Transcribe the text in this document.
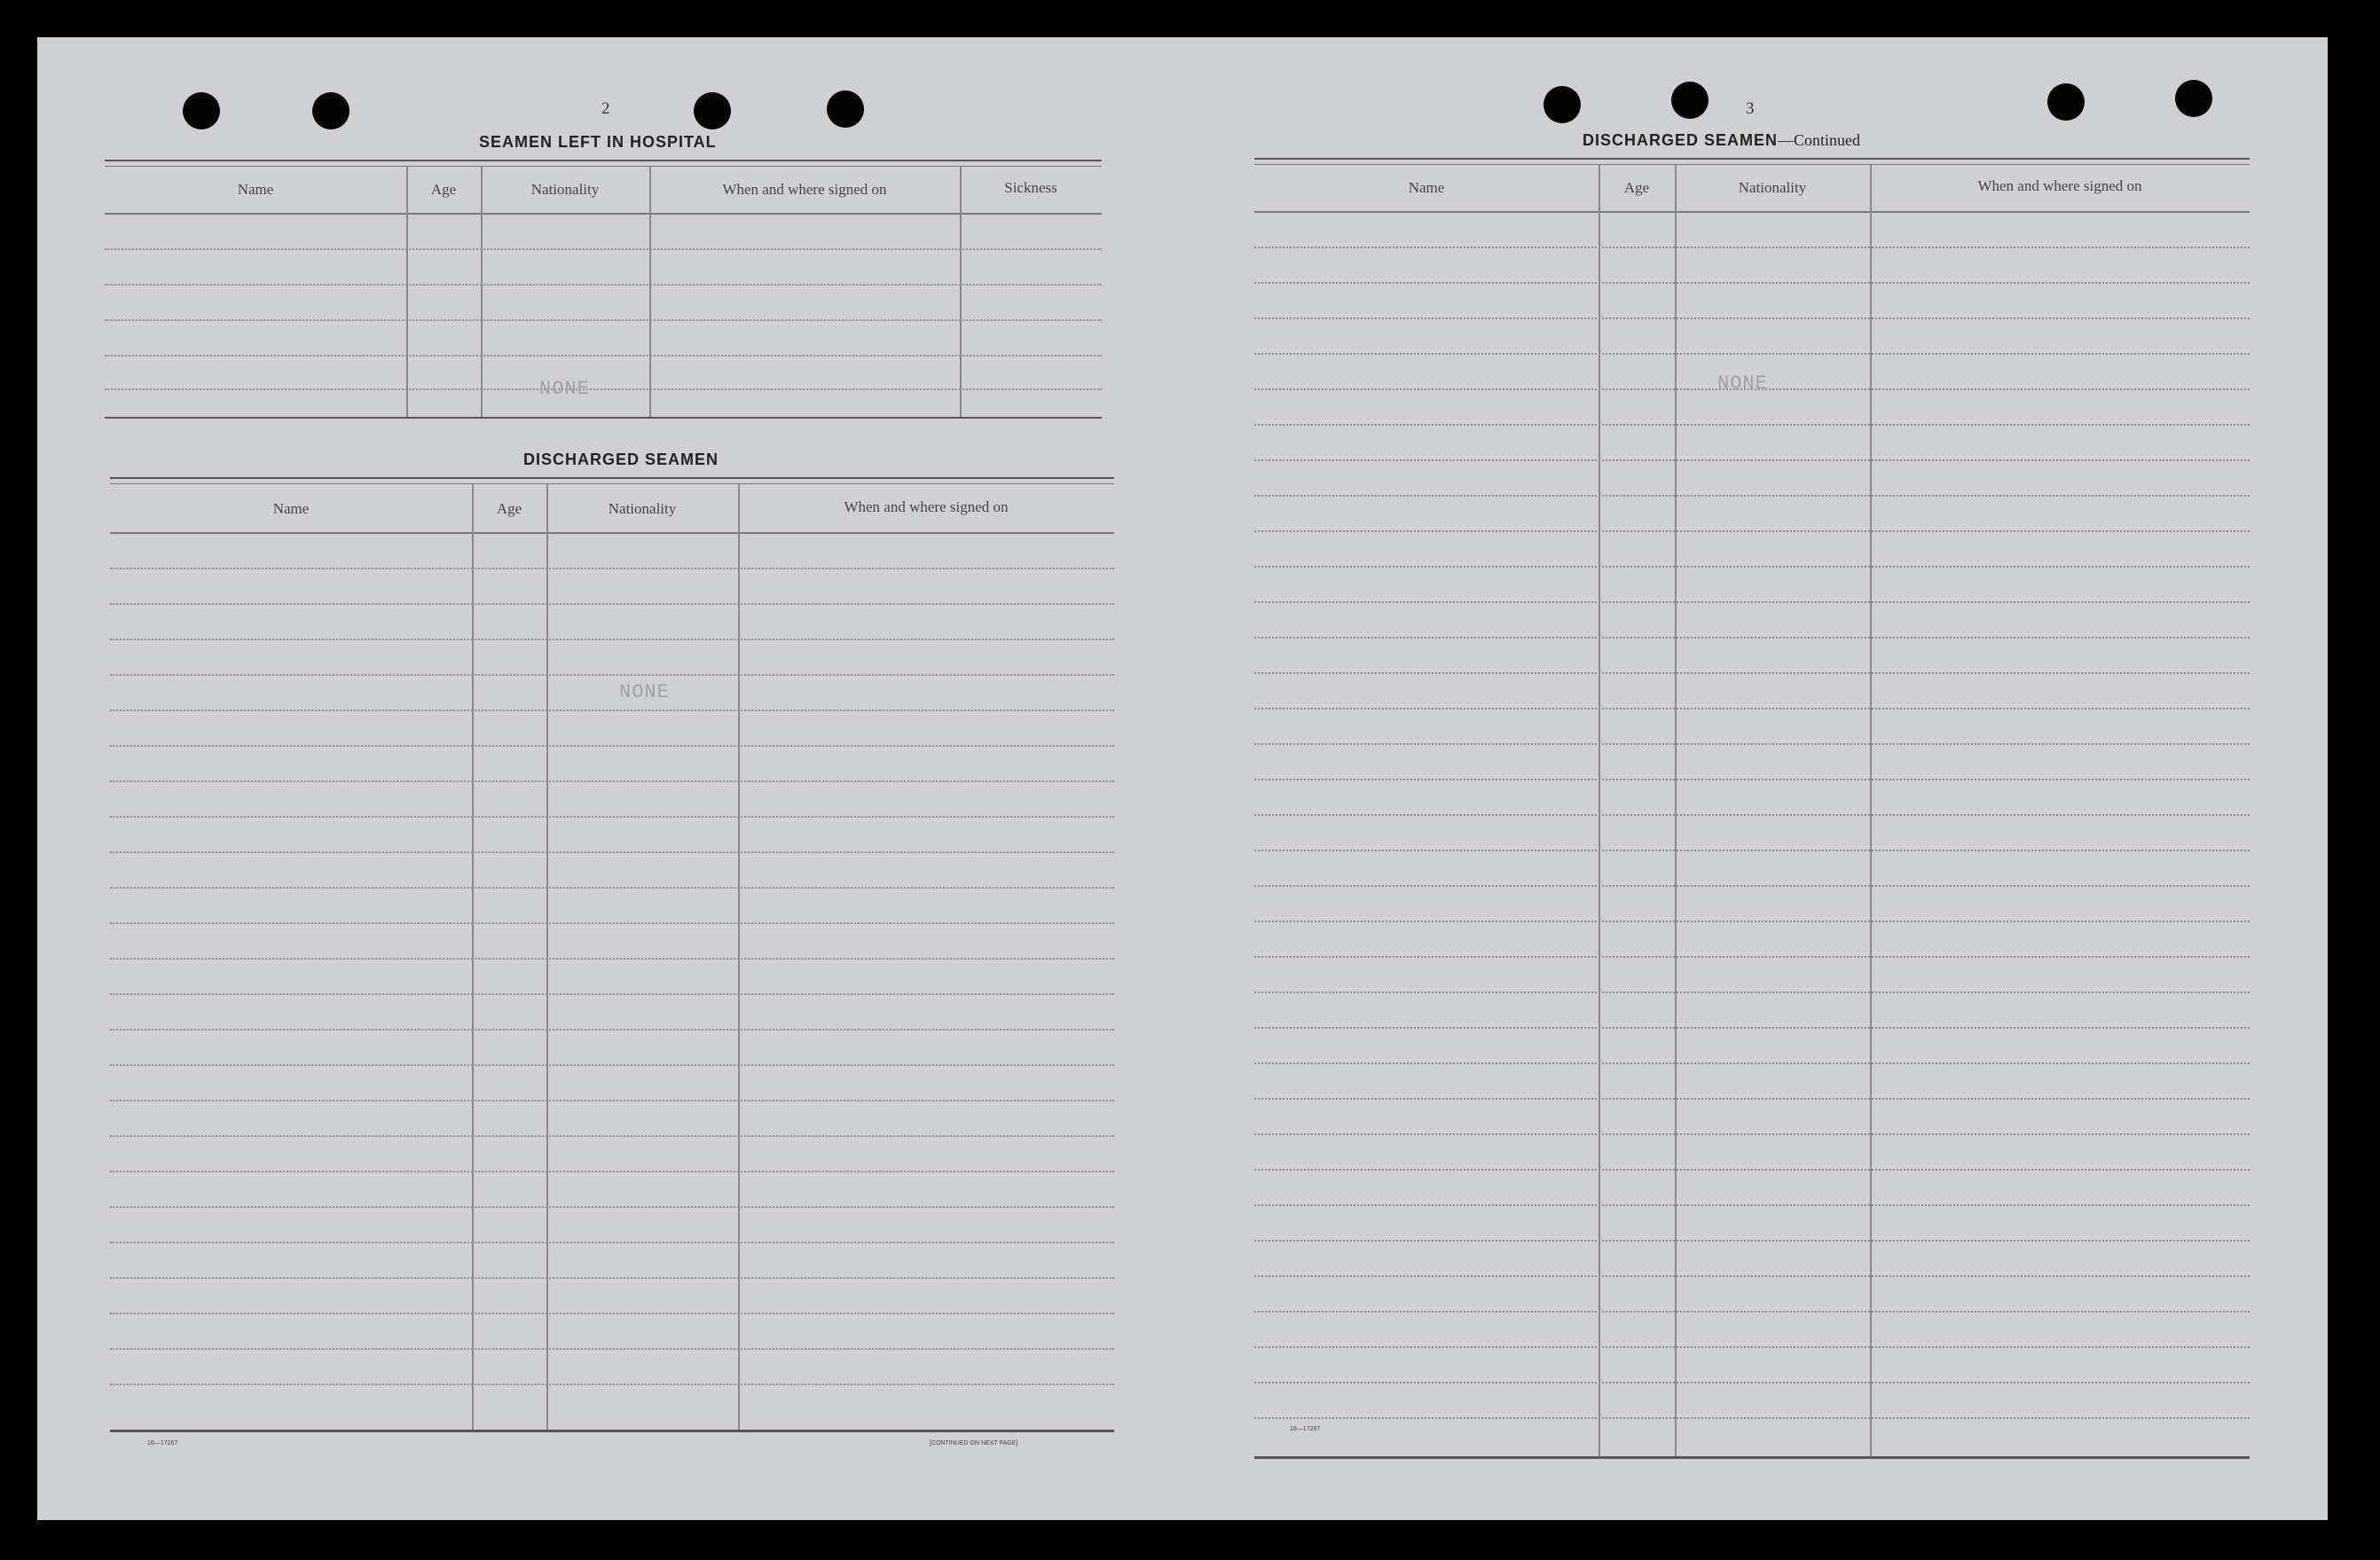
2
SEAMEN LEFT IN HOSPITAL
Name	Age	Nationality	When and where signed on	Sickness
NONE
DISCHARGED SEAMEN
Name	Age	Nationality	When and where signed on
NONE
16—17267	[CONTINUED ON NEXT PAGE]
3
DISCHARGED SEAMEN—Continued
Name	Age	Nationality	When and where signed on
NONE
16—17267
